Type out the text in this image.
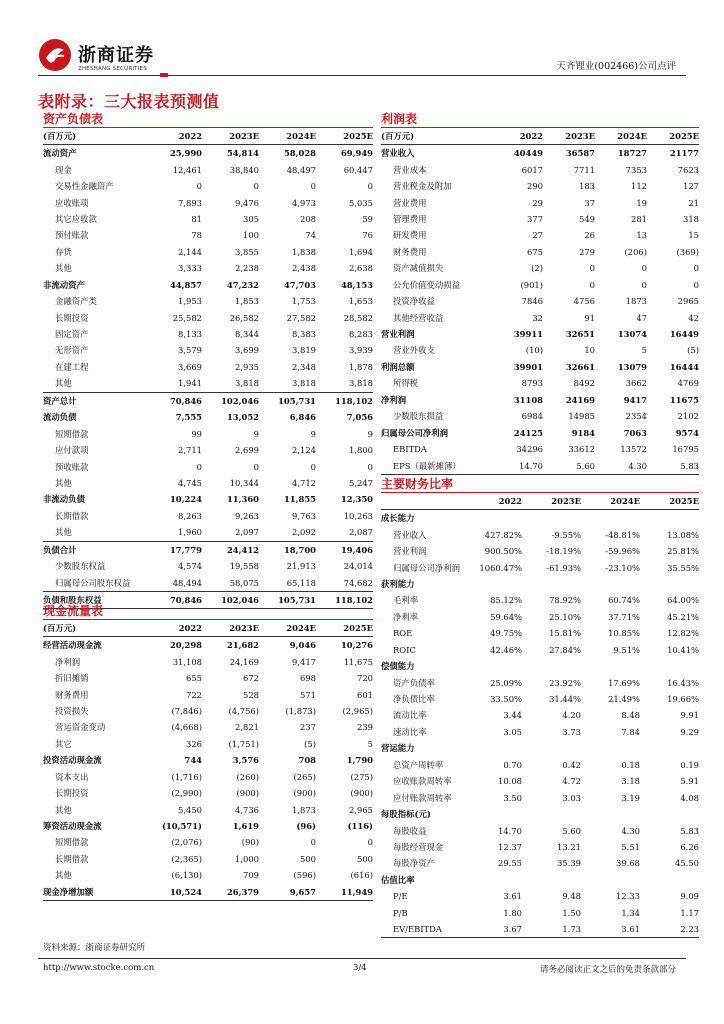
浙商证券
ZHESHANG SECURITIES	天齐锂业(002466)公司点评
表附录：三大报表预测值
资产负债表
(百万元)	2022	2023E	2024E	2025E
流动资产	25,990	54,814	58,028	69,949
现金	12,461	38,840	48,497	60,447
交易性金融资产	0	0	0	0
应收账项	7,893	9,476	4,973	5,035
其它应收款	81	305	208	59
预付账款	78	100	74	76
存货	2,144	3,855	1,838	1,694
其他	3,333	2,238	2,438	2,638
非流动资产	44,857	47,232	47,703	48,153
金融资产类	1,953	1,853	1,753	1,653
长期投资	25,582	26,582	27,582	28,582
固定资产	8,133	8,344	8,383	8,283
无形资产	3,579	3,699	3,819	3,939
在建工程	3,669	2,935	2,348	1,878
其他	1,941	3,818	3,818	3,818
资产总计	70,846	102,046	105,731	118,102
流动负债	7,555	13,052	6,846	7,056
短期借款	99	9	9	9
应付款项	2,711	2,699	2,124	1,800
预收账款	0	0	0	0
其他	4,745	10,344	4,712	5,247
非流动负债	10,224	11,360	11,855	12,350
长期借款	8,263	9,263	9,763	10,263
其他	1,960	2,097	2,092	2,087
负债合计	17,779	24,412	18,700	19,406
少数股东权益	4,574	19,558	21,913	24,014
归属母公司股东权益	48,494	58,075	65,118	74,682
负债和股东权益	70,846	102,046	105,731	118,102
利润表
(百万元)	2022	2023E	2024E	2025E
营业收入	40449	36587	18727	21177
营业成本	6017	7711	7353	7623
营业税金及附加	290	183	112	127
营业费用	29	37	19	21
管理费用	377	549	281	318
研发费用	27	26	13	15
财务费用	675	279	(206)	(369)
资产减值损失	(2)	0	0	0
公允价值变动损益	(901)	0	0	0
投资净收益	7846	4756	1873	2965
其他经营收益	32	91	47	42
营业利润	39911	32651	13074	16449
营业外收支	(10)	10	5	(5)
利润总额	39901	32661	13079	16444
所得税	8793	8492	3662	4769
净利润	31108	24169	9417	11675
少数股东损益	6984	14985	2354	2102
归属母公司净利润	24125	9184	7063	9574
EBITDA	34296	33612	13572	16795
EPS（最新摊薄）	14.70	5.60	4.30	5.83
主要财务比率
2022	2023E	2024E	2025E
成长能力
营业收入	427.82%	-9.55%	-48.81%	13.08%
营业利润	900.50%	-18.19%	-59.96%	25.81%
归属母公司净利润	1060.47%	-61.93%	-23.10%	35.55%
获利能力
毛利率	85.12%	78.92%	60.74%	64.00%
净利率	59.64%	25.10%	37.71%	45.21%
ROE	49.75%	15.81%	10.85%	12.82%
ROIC	42.46%	27.84%	9.51%	10.41%
偿债能力
资产负债率	25.09%	23.92%	17.69%	16.43%
净负债比率	33.50%	31.44%	21.49%	19.66%
流动比率	3.44	4.20	8.48	9.91
速动比率	3.05	3.73	7.84	9.29
营运能力
总资产周转率	0.70	0.42	0.18	0.19
应收账款周转率	10.08	4.72	3.18	5.91
应付账款周转率	3.50	3.03	3.19	4.08
每股指标(元)
每股收益	14.70	5.60	4.30	5.83
每股经营现金	12.37	13.21	5.51	6.26
每股净资产	29.55	35.39	39.68	45.50
估值比率
P/E	3.61	9.48	12.33	9.09
P/B	1.80	1.50	1.34	1.17
EV/EBITDA	3.67	1.73	3.61	2.23
现金流量表
(百万元)	2022	2023E	2024E	2025E
经营活动现金流	20,298	21,682	9,046	10,276
净利润	31,108	24,169	9,417	11,675
折旧摊销	655	672	698	720
财务费用	722	528	571	601
投资损失	(7,846)	(4,756)	(1,873)	(2,965)
营运资金变动	(4,668)	2,821	237	239
其它	326	(1,751)	(5)	5
投资活动现金流	744	3,576	708	1,790
资本支出	(1,716)	(260)	(265)	(275)
长期投资	(2,990)	(900)	(900)	(900)
其他	5,450	4,736	1,873	2,965
筹资活动现金流	(10,571)	1,619	(96)	(116)
短期借款	(2,076)	(90)	0	0
长期借款	(2,365)	1,000	500	500
其他	(6,130)	709	(596)	(616)
现金净增加额	10,524	26,379	9,657	11,949
资料来源：浙商证券研究所
http://www.stocke.com.cn	3/4	请务必阅读正文之后的免责条款部分
